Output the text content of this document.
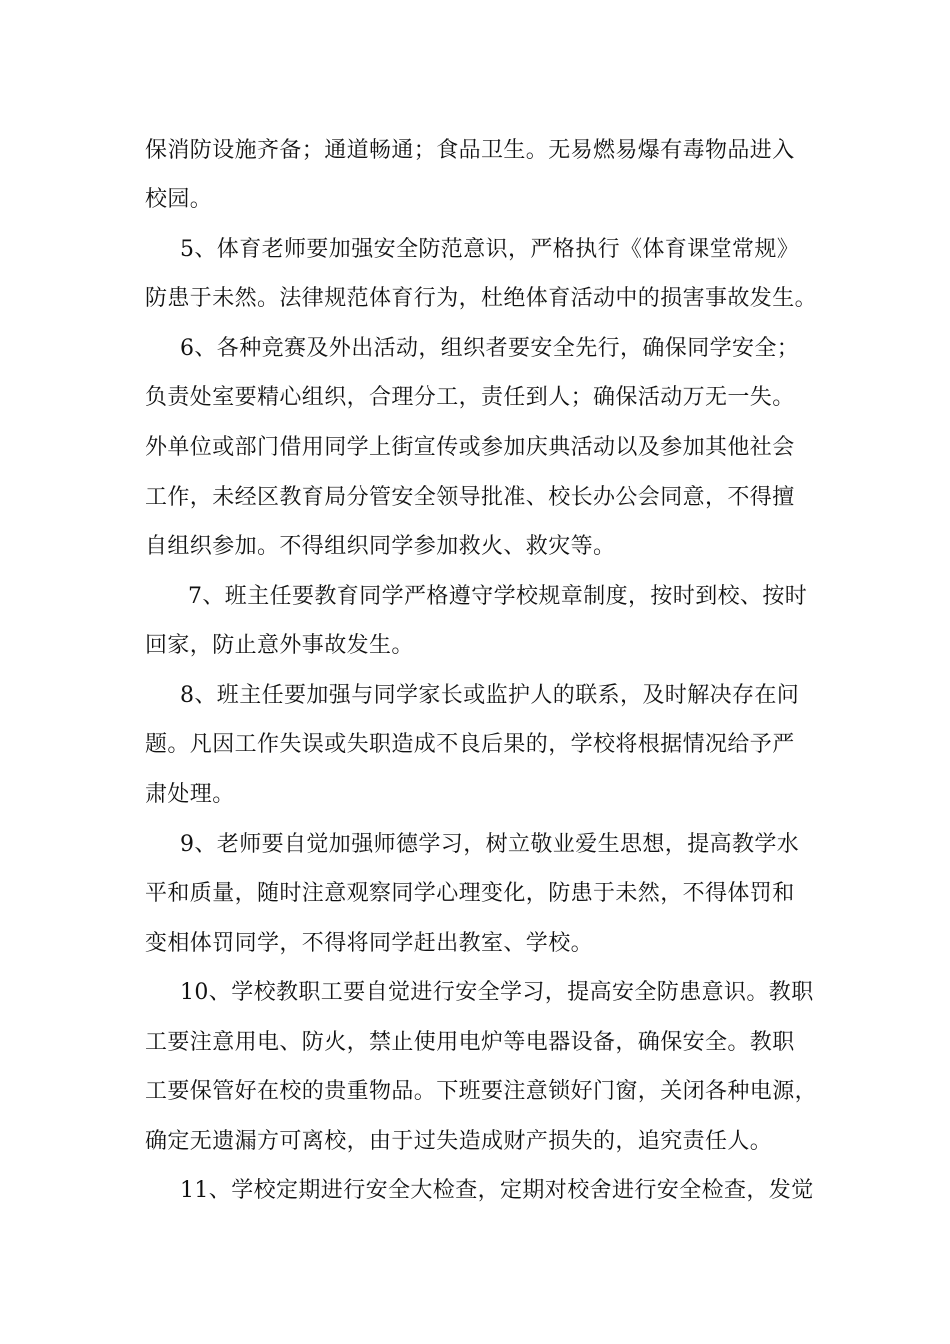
保消防设施齐备；通道畅通；食品卫生。无易燃易爆有毒物品进入
校园。
5、体育老师要加强安全防范意识，严格执行《体育课堂常规》
防患于未然。法律规范体育行为，杜绝体育活动中的损害事故发生。
6、各种竞赛及外出活动，组织者要安全先行，确保同学安全；
负责处室要精心组织，合理分工，责任到人；确保活动万无一失。
外单位或部门借用同学上街宣传或参加庆典活动以及参加其他社会
工作，未经区教育局分管安全领导批准、校长办公会同意，不得擅
自组织参加。不得组织同学参加救火、救灾等。
7、班主任要教育同学严格遵守学校规章制度，按时到校、按时
回家，防止意外事故发生。
8、班主任要加强与同学家长或监护人的联系，及时解决存在问
题。凡因工作失误或失职造成不良后果的，学校将根据情况给予严
肃处理。
9、老师要自觉加强师德学习，树立敬业爱生思想，提高教学水
平和质量，随时注意观察同学心理变化，防患于未然，不得体罚和
变相体罚同学，不得将同学赶出教室、学校。
10、学校教职工要自觉进行安全学习，提高安全防患意识。教职
工要注意用电、防火，禁止使用电炉等电器设备，确保安全。教职
工要保管好在校的贵重物品。下班要注意锁好门窗，关闭各种电源，
确定无遗漏方可离校，由于过失造成财产损失的，追究责任人。
11、学校定期进行安全大检查，定期对校舍进行安全检查，发觉
